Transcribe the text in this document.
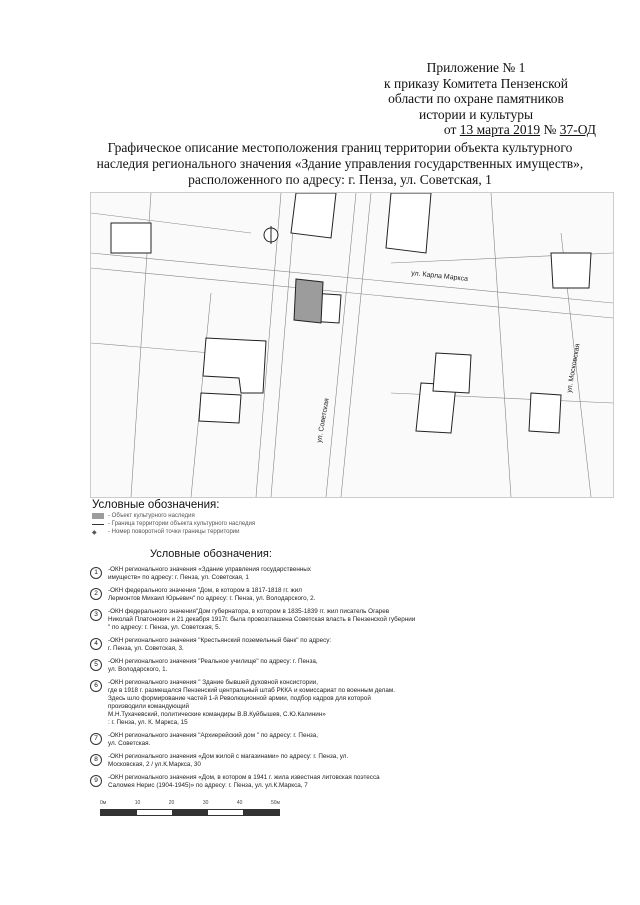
Приложение № 1
к приказу Комитета Пензенской
области по охране памятников
истории и культуры
от 13 марта 2019 № 37-ОД
Графическое описание местоположения границ территории объекта культурного
наследия регионального значения «Здание управления государственных имуществ»,
расположенного по адресу: г. Пенза, ул. Советская, 1
ул. Карла Маркса
ул. Московская
ул. Советская
Условные обозначения:
- Объект культурного наследия
- Граница территории объекта культурного наследия
◆	- Номер поворотной точки границы территории
Условные обозначения:
1	-ОКН регионального значения «Здание управления государственных
имуществ» по адресу: г. Пенза, ул. Советская, 1
2	-ОКН федерального значения "Дом, в котором в 1817-1818 гг. жил
Лермонтов Михаил Юрьевич" по адресу: г. Пенза, ул. Володарского, 2.
3	-ОКН федерального значения"Дом губернатора, в котором в 1835-1839 гг. жил писатель Огарев
Николай Платонович и 21 декабря 1917г. была провозглашена Советская власть в Пензенской губернии
" по адресу: г. Пенза, ул. Советская, 5.
4	-ОКН регионального значения "Крестьянский поземельный банк" по адресу:
г. Пенза, ул. Советская, 3.
5	-ОКН регионального значения "Реальное училище" по адресу: г. Пенза,
ул. Володарского, 1.
6	-ОКН регионального значения " Здание бывшей духовной консистории,
где в 1918 г. размещался Пензенский центральный штаб РККА и комиссариат по военным делам.
Здесь шло формирование частей 1-й Революционной армии, подбор кадров для которой
производили командующий
М.Н.Тухачевский, политические командиры В.В.Куйбышев, С.Ю.Калинин»
: г. Пенза, ул. К. Маркса, 15
7	-ОКН регионального значения "Архиерейский дом " по адресу: г. Пенза,
ул. Советская.
8	-ОКН регионального значения «Дом жилой с магазинами» по адресу: г. Пенза, ул.
Московская, 2 / ул.К.Маркса, 30
9	-ОКН регионального значения «Дом, в котором в 1941 г. жила известная литовская поэтесса
Саломея Нерис (1904-1945)» по адресу: г. Пенза, ул. ул.К.Маркса, 7
0м	10	20	30	40	50м
